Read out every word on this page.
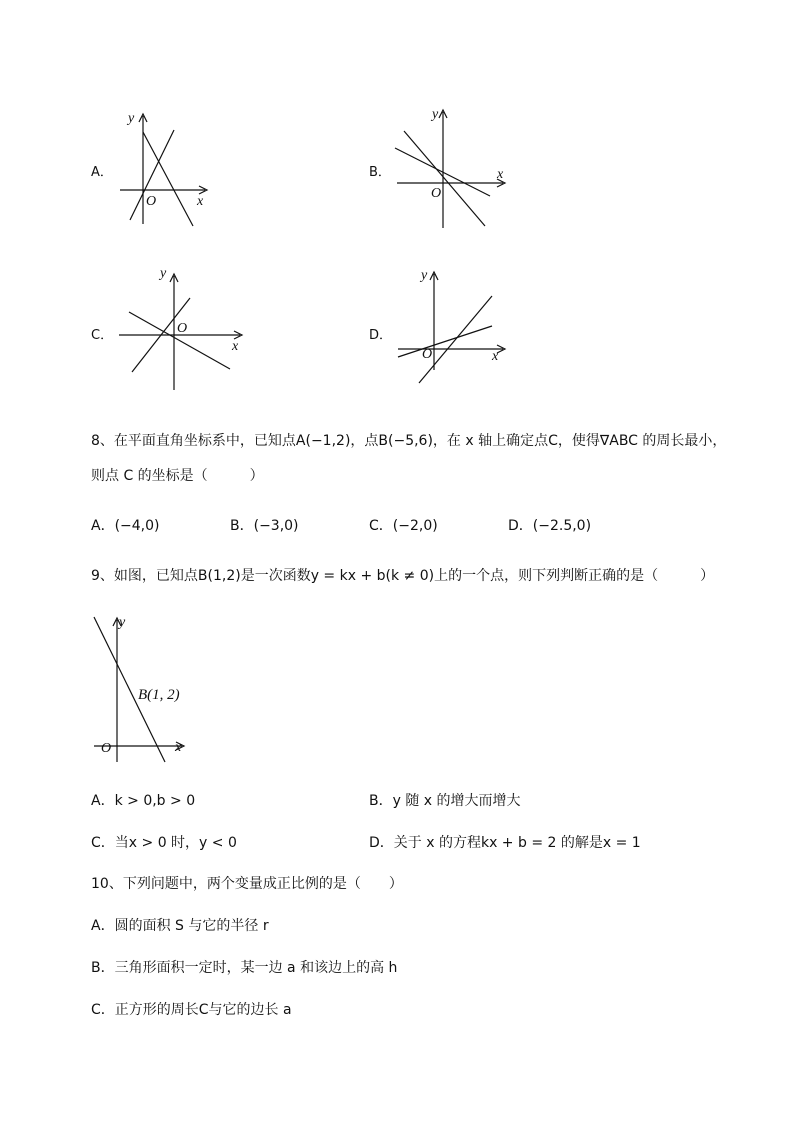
A．
y
x
O
B．
y
x
O
C．
y
x
O	D．
y
x
O
8、在平面直角坐标系中，已知点A(−1,2)，点B(−5,6)，在 x 轴上确定点C，使得∇ABC 的周长最小，
则点 C 的坐标是（　　　）
A．(−4,0)	B．(−3,0)	C．(−2,0)	D．(−2.5,0)
9、如图，已知点B(1,2)是一次函数y = kx + b(k ≠ 0)上的一个点，则下列判断正确的是（　　　）
y
x
O
B(1, 2)
A．k > 0,b > 0	B．y 随 x 的增大而增大
C．当x > 0 时，y < 0	D．关于 x 的方程kx + b = 2 的解是x = 1
10、下列问题中，两个变量成正比例的是（　　）
A．圆的面积 S 与它的半径 r
B．三角形面积一定时，某一边 a 和该边上的高 h
C．正方形的周长C与它的边长 a
